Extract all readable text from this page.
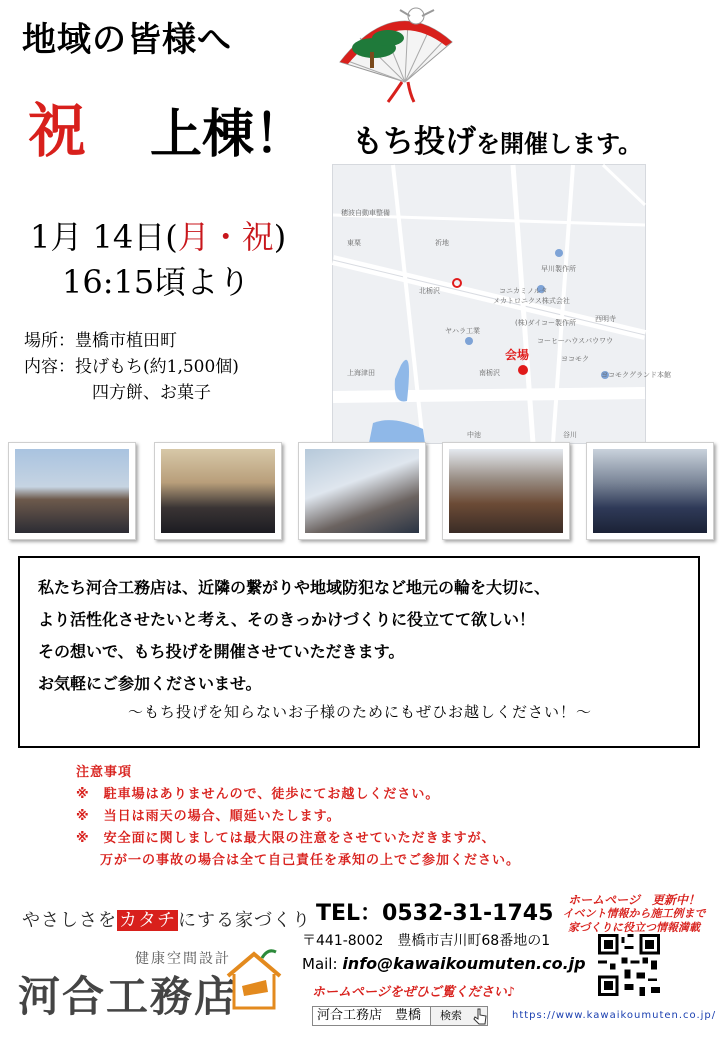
地域の皆様へ
祝 上棟！ もち投げを開催します。
1月 14日(月・祝)
16:15頃より
場所：豊橋市植田町
内容：投げもち(約1,500個)
四方餅、お菓子
穂波自動車整備
祈地
早川製作所
コニカミノルタ
メカトロニクス株式会社
(株)ダイコー製作所	西明寺
コーヒーハウスパウワウ
ヤハラ工業
ヨコモク
ヨコモクグランド本館
上海津田	南栃沢
北栃沢
中池	谷川
東栗
会場
私たち河合工務店は、近隣の繋がりや地域防犯など地元の輪を大切に、
より活性化させたいと考え、そのきっかけづくりに役立てて欲しい！
その想いで、もち投げを開催させていただきます。
お気軽にご参加くださいませ。
～もち投げを知らないお子様のためにもぜひお越しください！～
注意事項
※　駐車場はありませんので、徒歩にてお越しください。
※　当日は雨天の場合、順延いたします。
※　安全面に関しましては最大限の注意をさせていただきますが、
万が一の事故の場合は全て自己責任を承知の上でご参加ください。
やさしさを カタチ にする家づくり
健康空間設計
河合工務店
TEL：0532-31-1745
〒441-8002　豊橋市吉川町68番地の1
Mail: info@kawaikoumuten.co.jp
ホームページをぜひご覧ください♪
河合工務店　豊橋	検索
ホームページ　更新中！
イベント情報から施工例まで
家づくりに役立つ情報満載
https://www.kawaikoumuten.co.jp/
